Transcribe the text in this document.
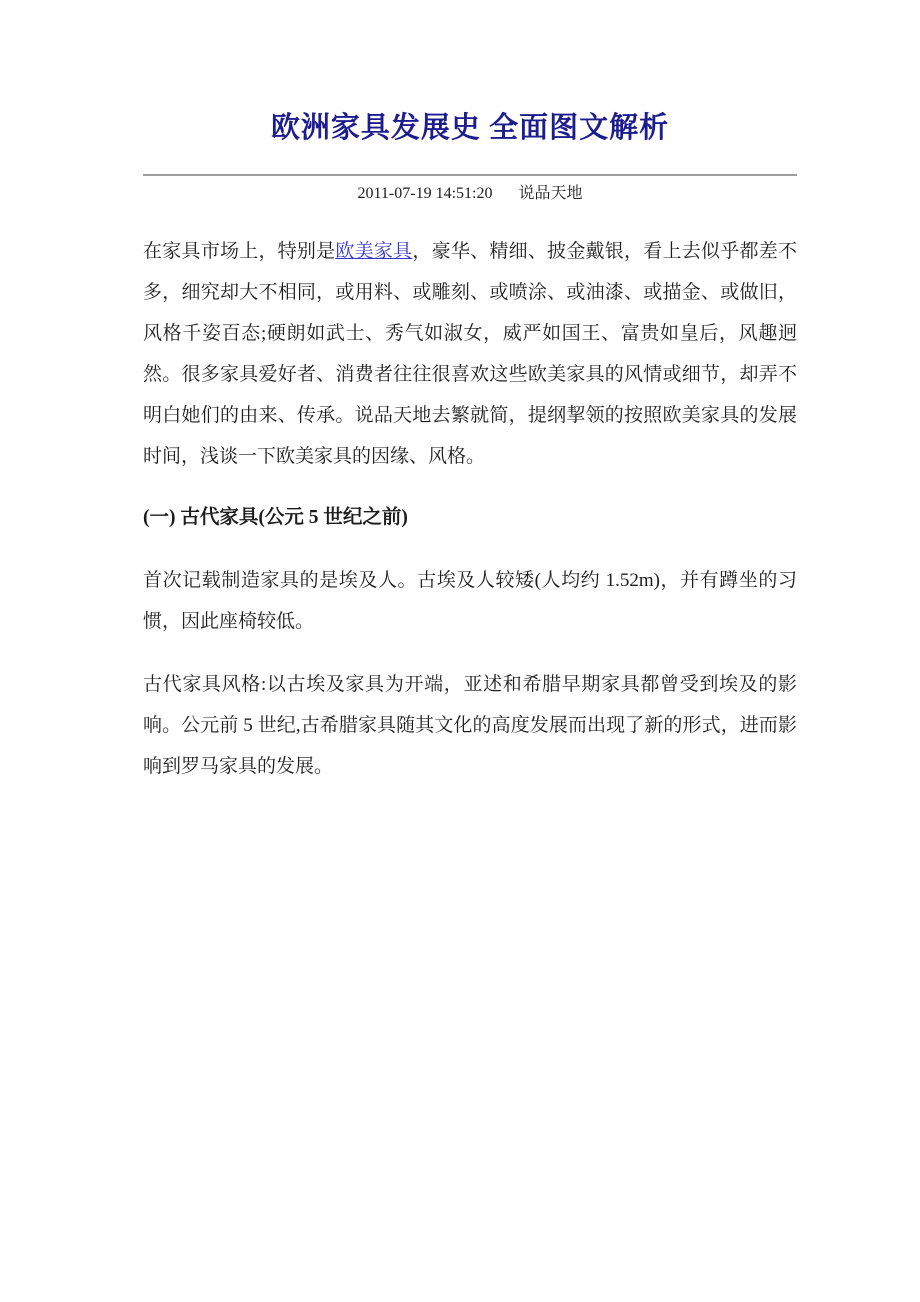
欧洲家具发展史 全面图文解析
2011-07-19 14:51:20 说品天地

在家具市场上，特别是欧美家具，豪华、精细、披金戴银，看上去似乎都差不多，细究却大不相同，或用料、或雕刻、或喷涂、或油漆、或描金、或做旧，风格千姿百态;硬朗如武士、秀气如淑女，威严如国王、富贵如皇后，风趣迥然。很多家具爱好者、消费者往往很喜欢这些欧美家具的风情或细节，却弄不明白她们的由来、传承。说品天地去繁就简，提纲挈领的按照欧美家具的发展时间，浅谈一下欧美家具的因缘、风格。

(一) 古代家具(公元 5 世纪之前)

首次记载制造家具的是埃及人。古埃及人较矮(人均约 1.52m)，并有蹲坐的习惯，因此座椅较低。

古代家具风格:以古埃及家具为开端，亚述和希腊早期家具都曾受到埃及的影响。公元前 5 世纪,古希腊家具随其文化的高度发展而出现了新的形式，进而影响到罗马家具的发展。
